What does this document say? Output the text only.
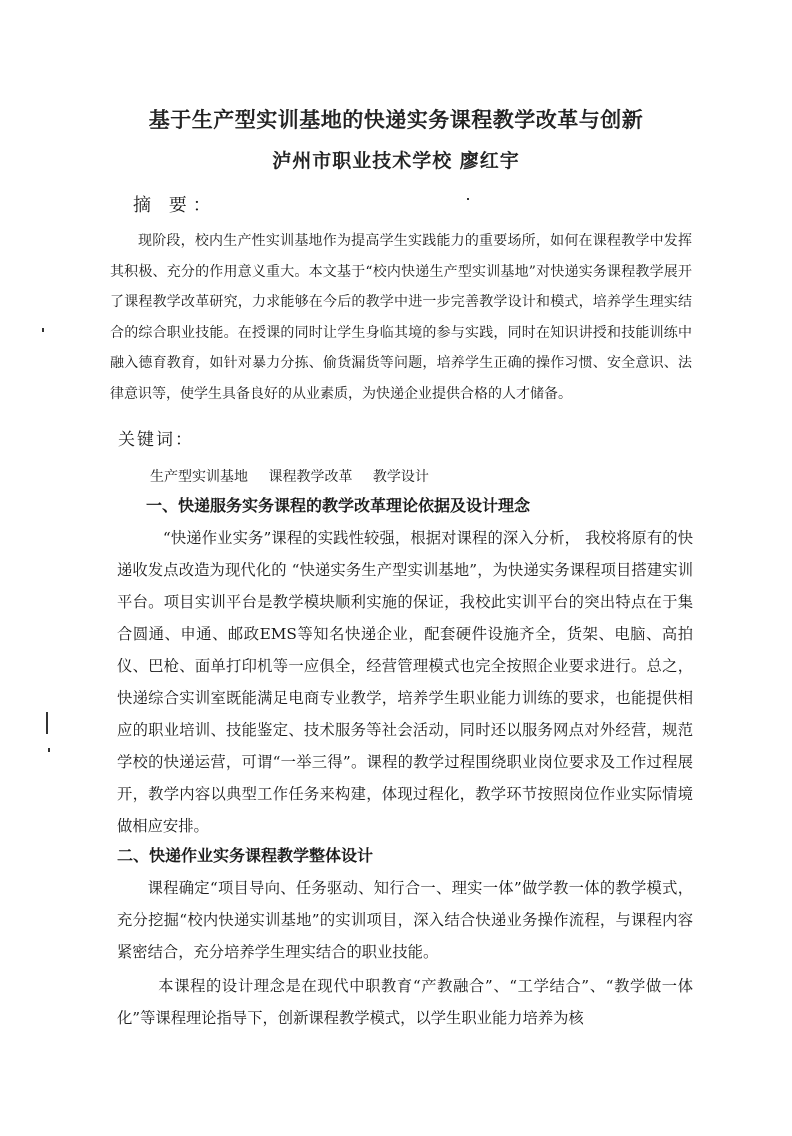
基于生产型实训基地的快递实务课程教学改革与创新
泸州市职业技术学校 廖红宇
摘 要：
现阶段，校内生产性实训基地作为提高学生实践能力的重要场所，如何在课程教学中发挥其积极、充分的作用意义重大。本文基于“校内快递生产型实训基地”对快递实务课程教学展开了课程教学改革研究，力求能够在今后的教学中进一步完善教学设计和模式，培养学生理实结合的综合职业技能。在授课的同时让学生身临其境的参与实践，同时在知识讲授和技能训练中融入德育教育，如针对暴力分拣、偷货漏货等问题，培养学生正确的操作习惯、安全意识、法律意识等，使学生具备良好的从业素质，为快递企业提供合格的人才储备。
关键词：
生产型实训基地 课程教学改革 教学设计
一、快递服务实务课程的教学改革理论依据及设计理念
“快递作业实务”课程的实践性较强，根据对课程的深入分析， 我校将原有的快递收发点改造为现代化的 “快递实务生产型实训基地”，为快递实务课程项目搭建实训平台。项目实训平台是教学模块顺利实施的保证，我校此实训平台的突出特点在于集合圆通、申通、邮政EMS等知名快递企业，配套硬件设施齐全，货架、电脑、高拍仪、巴枪、面单打印机等一应俱全，经营管理模式也完全按照企业要求进行。总之，快递综合实训室既能满足电商专业教学，培养学生职业能力训练的要求，也能提供相应的职业培训、技能鉴定、技术服务等社会活动，同时还以服务网点对外经营，规范学校的快递运营，可谓“一举三得”。课程的教学过程围绕职业岗位要求及工作过程展开，教学内容以典型工作任务来构建，体现过程化，教学环节按照岗位作业实际情境做相应安排。
二、快递作业实务课程教学整体设计
课程确定“项目导向、任务驱动、知行合一、理实一体”做学教一体的教学模式，充分挖掘“校内快递实训基地”的实训项目，深入结合快递业务操作流程，与课程内容紧密结合，充分培养学生理实结合的职业技能。
本课程的设计理念是在现代中职教育“产教融合”、“工学结合”、“教学做一体化”等课程理论指导下，创新课程教学模式，以学生职业能力培养为核
